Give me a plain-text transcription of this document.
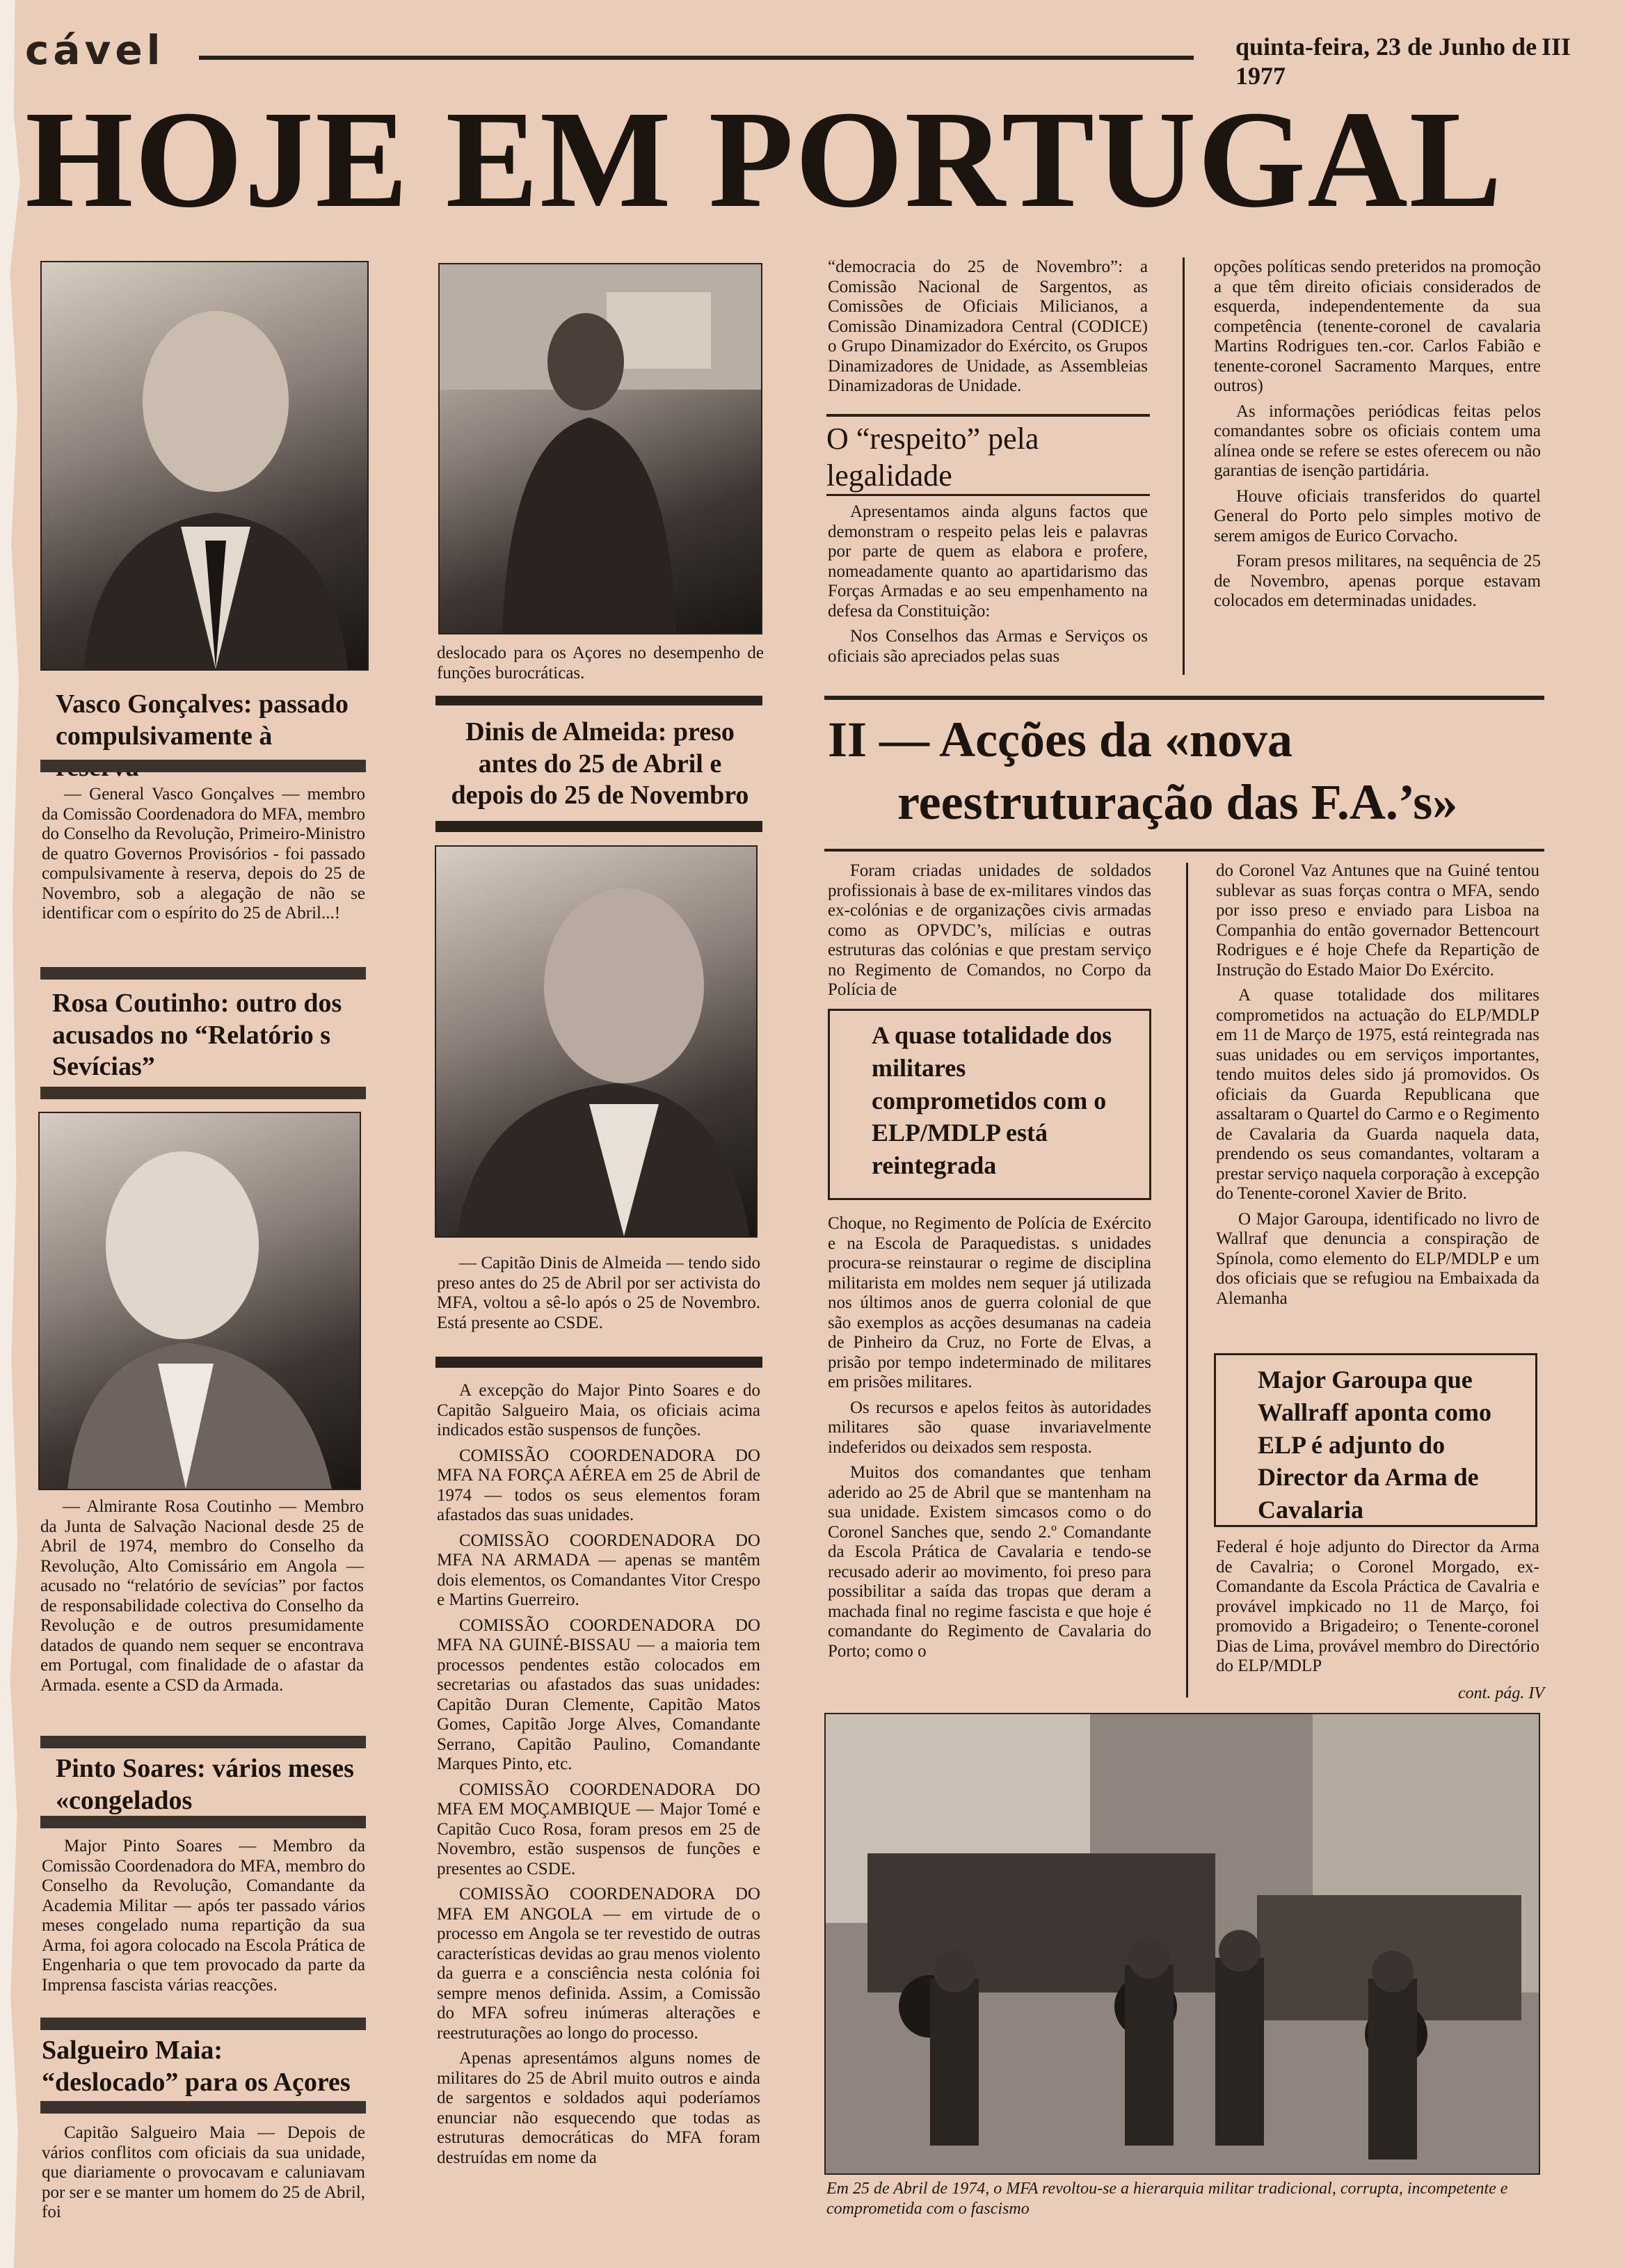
cável	quinta-feira, 23 de Junho de 1977
III
HOJE EM PORTUGAL
Vasco Gonçalves: passado compulsivamente à
— General Vasco Gonçalves — membro da Comissão Coordenadora do MFA, membro do Conselho da Revolução, Primeiro-Ministro de quatro Governos Provisórios - foi passado compulsivamente à reserva, depois do 25 de Novembro, sob a alegação de não se identificar com o espírito do 25 de Abril...!
Rosa Coutinho: outro dos acusados no “Relatório s Sevícias”
— Almirante Rosa Coutinho — Membro da Junta de Salvação Nacional desde 25 de Abril de 1974, membro do Conselho da Revolução, Alto Comissário em Angola — acusado no “relatório de sevícias” por factos de responsabilidade colectiva do Conselho da Revolução e de outros presumidamente datados de quando nem sequer se encontrava em Portugal, com finalidade de o afastar da Armada. esente a CSD da Armada.
Pinto Soares: vários meses «congelados
Major Pinto Soares — Membro da Comissão Coordenadora do MFA, membro do Conselho da Revolução, Comandante da Academia Militar — após ter passado vários meses congelado numa repartição da sua Arma, foi agora colocado na Escola Prática de Engenharia o que tem provocado da parte da Imprensa fascista várias reacções.
Salgueiro Maia: “deslocado” para os Açores
Capitão Salgueiro Maia — Depois de vários conflitos com oficiais da sua unidade, que diariamente o provocavam e caluniavam por ser e se manter um homem do 25 de Abril, foi
deslocado para os Açores no desempenho de funções burocráticas.
Dinis de Almeida: preso antes do 25 de Abril e depois do 25 de Novembro
— Capitão Dinis de Almeida — tendo sido preso antes do 25 de Abril por ser activista do MFA, voltou a sê-lo após o 25 de Novembro. Está presente ao CSDE.

A excepção do Major Pinto Soares e do Capitão Salgueiro Maia, os oficiais acima indicados estão suspensos de funções.

COMISSÃO COORDENADORA DO MFA NA FORÇA AÉREA em 25 de Abril de 1974 — todos os seus elementos foram afastados das suas unidades.

COMISSÃO COORDENADORA DO MFA NA ARMADA — apenas se mantêm dois elementos, os Comandantes Vitor Crespo e Martins Guerreiro.

COMISSÃO COORDENADORA DO MFA NA GUINÉ-BISSAU — a maioria tem processos pendentes estão colocados em secretarias ou afastados das suas unidades: Capitão Duran Clemente, Capitão Matos Gomes, Capitão Jorge Alves, Comandante Serrano, Capitão Paulino, Comandante Marques Pinto, etc.

COMISSÃO COORDENADORA DO MFA EM MOÇAMBIQUE — Major Tomé e Capitão Cuco Rosa, foram presos em 25 de Novembro, estão suspensos de funções e presentes ao CSDE.

COMISSÃO COORDENADORA DO MFA EM ANGOLA — em virtude de o processo em Angola se ter revestido de outras características devidas ao grau menos violento da guerra e a consciência nesta colónia foi sempre menos definida. Assim, a Comissão do MFA sofreu inúmeras alterações e reestruturações ao longo do processo.

Apenas apresentámos alguns nomes de militares do 25 de Abril muito outros e ainda de sargentos e soldados aqui poderíamos enunciar não esquecendo que todas as estruturas democráticas do MFA foram destruídas em nome da

“democracia do 25 de Novembro”: a Comissão Nacional de Sargentos, as Comissões de Oficiais Milicianos, a Comissão Dinamizadora Central (CODICE) o Grupo Dinamizador do Exército, os Grupos Dinamizadores de Unidade, as Assembleias Dinamizadoras de Unidade.
O “respeito” pela legalidade

Apresentamos ainda alguns factos que demonstram o respeito pelas leis e palavras por parte de quem as elabora e profere, nomeadamente quanto ao apartidarismo das Forças Armadas e ao seu empenhamento na defesa da Constituição:

Nos Conselhos das Armas e Serviços os oficiais são apreciados pelas suas

opções políticas sendo preteridos na promoção a que têm direito oficiais considerados de esquerda, independentemente da sua competência (tenente-coronel de cavalaria Martins Rodrigues ten.-cor. Carlos Fabião e tenente-coronel Sacramento Marques, entre outros)

As informações periódicas feitas pelos comandantes sobre os oficiais contem uma alínea onde se refere se estes oferecem ou não garantias de isenção partidária.

Houve oficiais transferidos do quartel General do Porto pelo simples motivo de serem amigos de Eurico Corvacho.

Foram presos militares, na sequência de 25 de Novembro, apenas porque estavam colocados em determinadas unidades.

II — Acções da «nova
reestruturação das F.A.’s»
Foram criadas unidades de soldados profissionais à base de ex-militares vindos das ex-colónias e de organizações civis armadas como as OPVDC’s, milícias e outras estruturas das colónias e que prestam serviço no Regimento de Comandos, no Corpo da Polícia de
A quase totalidade dos militares comprometidos com o ELP/MDLP está reintegrada

Choque, no Regimento de Polícia de Exército e na Escola de Paraquedistas. s unidades procura-se reinstaurar o regime de disciplina militarista em moldes nem sequer já utilizada nos últimos anos de guerra colonial de que são exemplos as acções desumanas na cadeia de Pinheiro da Cruz, no Forte de Elvas, a prisão por tempo indeterminado de militares em prisões militares.

Os recursos e apelos feitos às autoridades militares são quase invariavelmente indeferidos ou deixados sem resposta.

Muitos dos comandantes que tenham aderido ao 25 de Abril que se mantenham na sua unidade. Existem simcasos como o do Coronel Sanches que, sendo 2.º Comandante da Escola Prática de Cavalaria e tendo-se recusado aderir ao movimento, foi preso para possibilitar a saída das tropas que deram a machada final no regime fascista e que hoje é comandante do Regimento de Cavalaria do Porto; como o

do Coronel Vaz Antunes que na Guiné tentou sublevar as suas forças contra o MFA, sendo por isso preso e enviado para Lisboa na Companhia do então governador Bettencourt Rodrigues e é hoje Chefe da Repartição de Instrução do Estado Maior Do Exército.

A quase totalidade dos militares comprometidos na actuação do ELP/MDLP em 11 de Março de 1975, está reintegrada nas suas unidades ou em serviços importantes, tendo muitos deles sido já promovidos. Os oficiais da Guarda Republicana que assaltaram o Quartel do Carmo e o Regimento de Cavalaria da Guarda naquela data, prendendo os seus comandantes, voltaram a prestar serviço naquela corporação à excepção do Tenente-coronel Xavier de Brito.

O Major Garoupa, identificado no livro de Wallraf que denuncia a conspiração de Spínola, como elemento do ELP/MDLP e um dos oficiais que se refugiou na Embaixada da Alemanha

Major Garoupa que Wallraff aponta como ELP é adjunto do Director da Arma de Cavalaria
Federal é hoje adjunto do Director da Arma de Cavalria; o Coronel Morgado, ex-Comandante da Escola Práctica de Cavalria e provável impkicado no 11 de Março, foi promovido a Brigadeiro; o Tenente-coronel Dias de Lima, provável membro do Directório do ELP/MDLP
cont. pág. IV
Em 25 de Abril de 1974, o MFA revoltou-se a hierarquia militar tradicional, corrupta, incompetente e comprometida com o fascismo
